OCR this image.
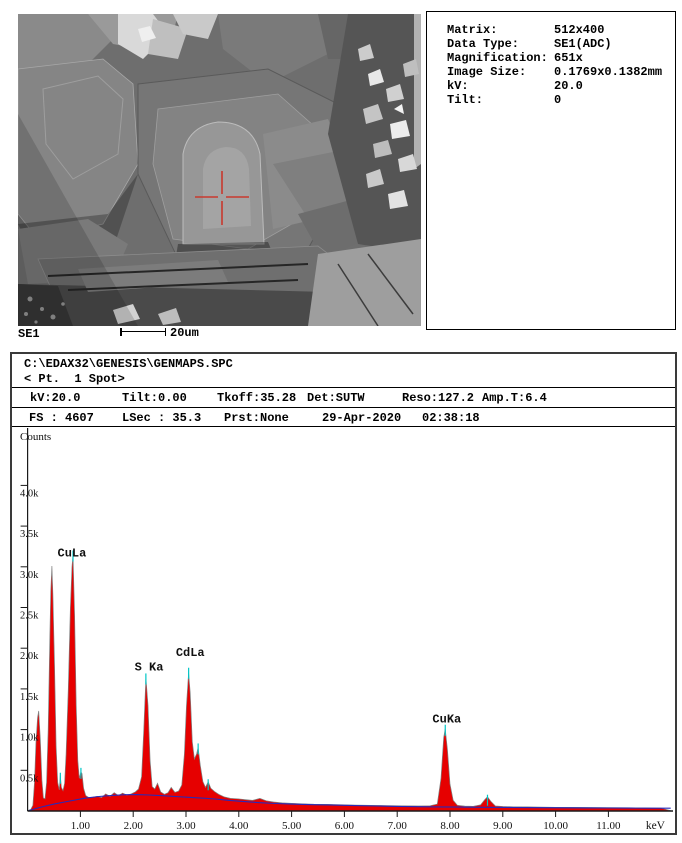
SE1	20um
Matrix:	512x400
Data Type:	SE1(ADC)
Magnification: 651x
Image Size:	0.1769x0.1382mm
kV:	20.0
Tilt:	0
C:\EDAX32\GENESIS\GENMAPS.SPC
< Pt.  1 Spot>

kV:20.0

	Tilt:0.00

	Tkoff:35.28

Det:SUTW

	Reso:127.2

Amp.T:6.4

FS : 4607

LSec : 35.3

Prst:None

	29-Apr-2020

02:38:18

Counts
keV
0.5k
1.0k
1.5k
2.0k
2.5k
3.0k
3.5k
4.0k
1.00	2.00	3.00	4.00	5.00	6.00	7.00	8.00	9.00	10.00	11.00
CuLa
S Ka
CdLa
CuKa
